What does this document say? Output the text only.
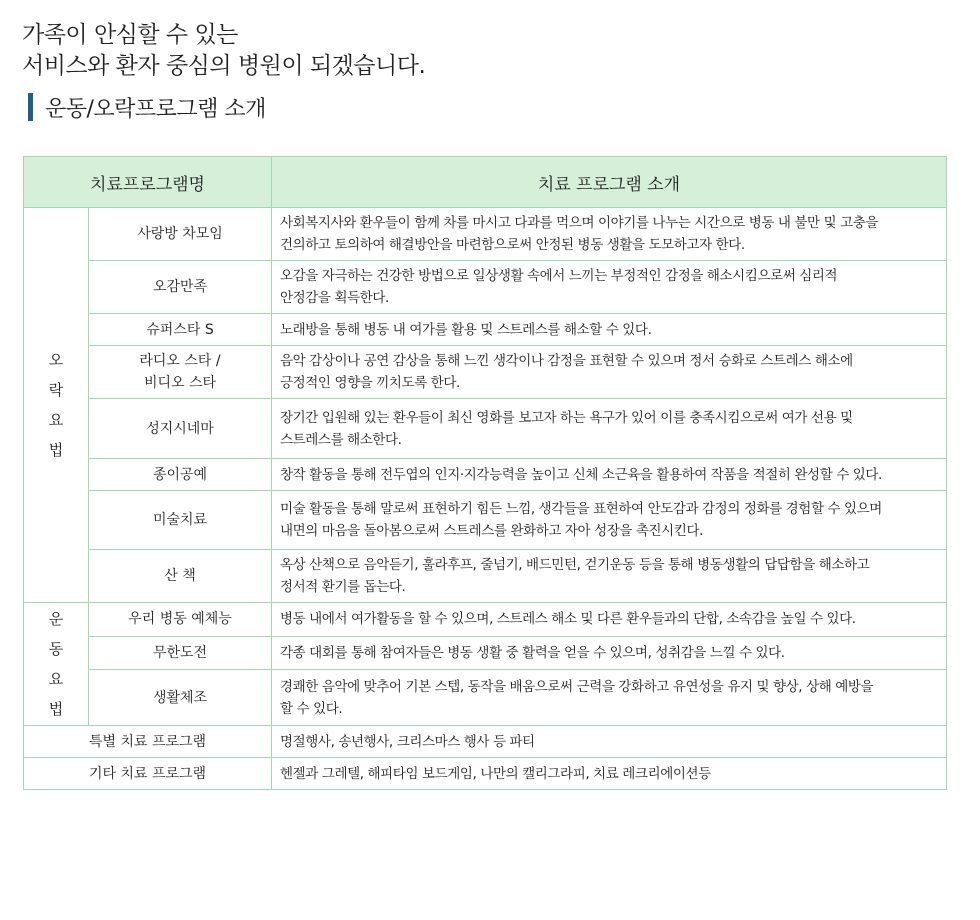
가족이 안심할 수 있는
서비스와 환자 중심의 병원이 되겠습니다.
운동/오락프로그램 소개
치료프로그램명		치료 프로그램 소개

오
락
요
법	사랑방 차모임	사회복지사와 환우들이 함께 차를 마시고 다과를 먹으며 이야기를 나누는 시간으로 병동 내 불만 및 고충을
건의하고 토의하여 해결방안을 마련함으로써 안정된 병동 생활을 도모하고자 한다.

	오감만족	오감을 자극하는 건강한 방법으로 일상생활 속에서 느끼는 부정적인 감정을 해소시킴으로써 심리적
안정감을 획득한다.

	슈퍼스타 S	노래방을 통해 병동 내 여가를 활용 및 스트레스를 해소할 수 있다.

	라디오 스타 /
비디오 스타	음악 감상이나 공연 감상을 통해 느낀 생각이나 감정을 표현할 수 있으며 정서 승화로 스트레스 해소에
긍정적인 영향을 끼치도록 한다.

	성지시네마	장기간 입원해 있는 환우들이 최신 영화를 보고자 하는 욕구가 있어 이를 충족시킴으로써 여가 선용 및
스트레스를 해소한다.

	종이공예	창작 활동을 통해 전두엽의 인지·지각능력을 높이고 신체 소근육을 활용하여 작품을 적절히 완성할 수 있다.

	미술치료	미술 활동을 통해 말로써 표현하기 힘든 느낌, 생각들을 표현하여 안도감과 감정의 정화를 경험할 수 있으며
내면의 마음을 돌아봄으로써 스트레스를 완화하고 자아 성장을 촉진시킨다.

	산 책	옥상 산책으로 음악듣기, 훌라후프, 줄넘기, 배드민턴, 걷기운동 등을 통해 병동생활의 답답함을 해소하고
정서적 환기를 돕는다.

운
동
요
법	우리 병동 예체능	병동 내에서 여가활동을 할 수 있으며, 스트레스 해소 및 다른 환우들과의 단합, 소속감을 높일 수 있다.

	무한도전	각종 대회를 통해 참여자들은 병동 생활 중 활력을 얻을 수 있으며, 성취감을 느낄 수 있다.

	생활체조	경쾌한 음악에 맞추어 기본 스텝, 동작을 배움으로써 근력을 강화하고 유연성을 유지 및 향상, 상해 예방을
할 수 있다.

특별 치료 프로그램		명절행사, 송년행사, 크리스마스 행사 등 파티
기타 치료 프로그램		헨젤과 그레텔, 해피타임 보드게임, 나만의 캘리그라피, 치료 레크리에이션등
